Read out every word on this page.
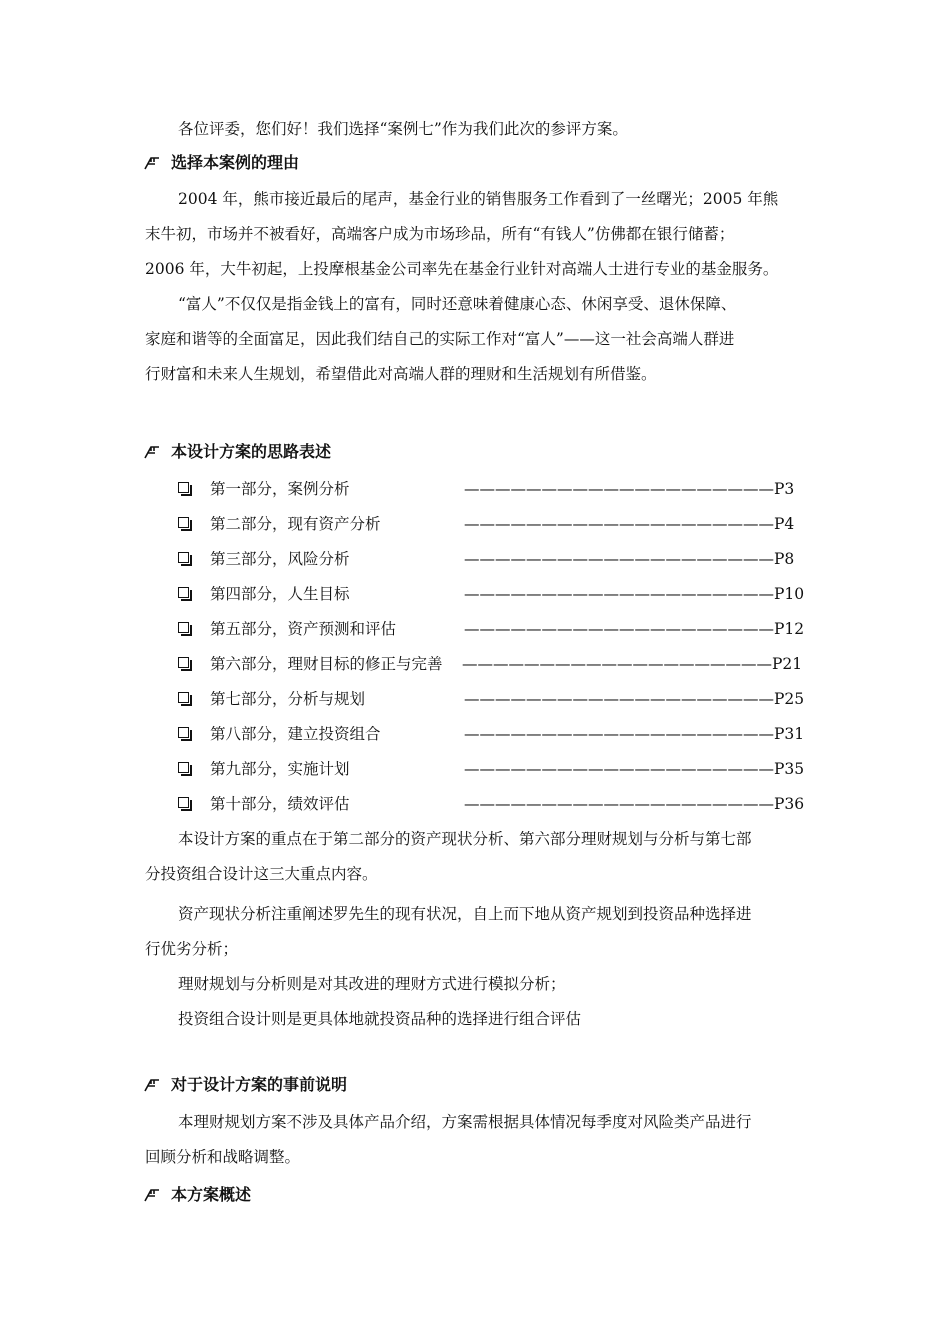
各位评委，您们好！我们选择“案例七”作为我们此次的参评方案。
选择本案例的理由
2004 年，熊市接近最后的尾声，基金行业的销售服务工作看到了一丝曙光；2005 年熊
末牛初，市场并不被看好，高端客户成为市场珍品，所有“有钱人”仿佛都在银行储蓄；
2006 年，大牛初起，上投摩根基金公司率先在基金行业针对高端人士进行专业的基金服务。
“富人”不仅仅是指金钱上的富有，同时还意味着健康心态、休闲享受、退休保障、
家庭和谐等的全面富足，因此我们结自己的实际工作对“富人”——这一社会高端人群进
行财富和未来人生规划，希望借此对高端人群的理财和生活规划有所借鉴。
本设计方案的思路表述
第一部分，案例分析	————————————————————P3
第二部分，现有资产分析	————————————————————P4
第三部分，风险分析	————————————————————P8
第四部分，人生目标	————————————————————P10
第五部分，资产预测和评估	————————————————————P12
第六部分，理财目标的修正与完善 ————————————————————P21
第七部分，分析与规划	————————————————————P25
第八部分，建立投资组合	————————————————————P31
第九部分，实施计划	————————————————————P35
第十部分，绩效评估	————————————————————P36
本设计方案的重点在于第二部分的资产现状分析、第六部分理财规划与分析与第七部
分投资组合设计这三大重点内容。
资产现状分析注重阐述罗先生的现有状况，自上而下地从资产规划到投资品种选择进
行优劣分析；
理财规划与分析则是对其改进的理财方式进行模拟分析；
投资组合设计则是更具体地就投资品种的选择进行组合评估
对于设计方案的事前说明
本理财规划方案不涉及具体产品介绍，方案需根据具体情况每季度对风险类产品进行
回顾分析和战略调整。
本方案概述
